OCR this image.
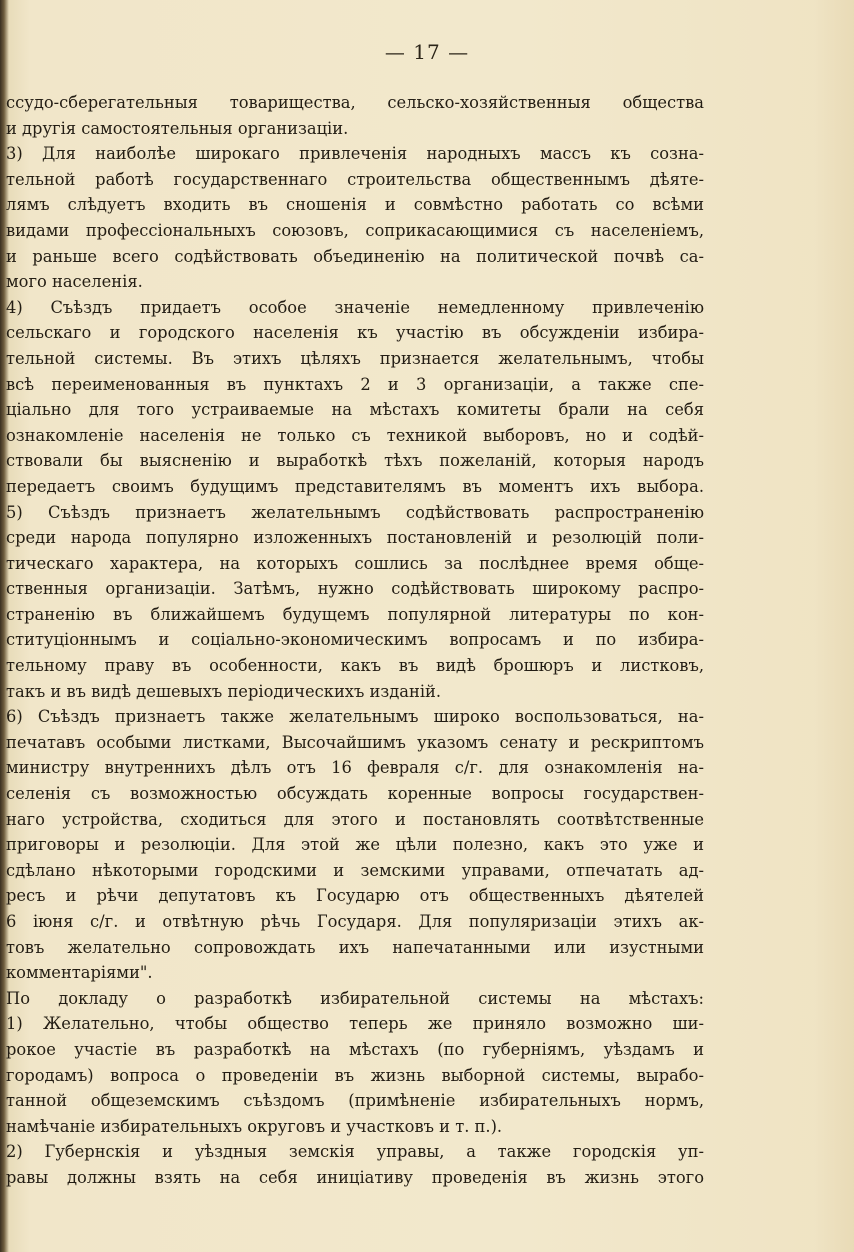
— 17 —
ссудо-сберегательныя товарищества, сельско-хозяйственныя общества
и другія самостоятельныя организаціи.
3) Для наиболѣе широкаго привлеченія народныхъ массъ къ созна-
тельной работѣ государственнаго строительства общественнымъ дѣяте-
лямъ слѣдуетъ входить въ сношенія и совмѣстно работать со всѣми
видами профессіональныхъ союзовъ, соприкасающимися съ населеніемъ,
и раньше всего содѣйствовать объединенію на политической почвѣ са-
мого населенія.
4) Съѣздъ придаетъ особое значеніе немедленному привлеченію
сельскаго и городского населенія къ участію въ обсужденіи избира-
тельной системы. Въ этихъ цѣляхъ признается желательнымъ, чтобы
всѣ переименованныя въ пунктахъ 2 и 3 организаціи, а также спе-
ціально для того устраиваемые на мѣстахъ комитеты брали на себя
ознакомленіе населенія не только съ техникой выборовъ, но и содѣй-
ствовали бы выясненію и выработкѣ тѣхъ пожеланій, которыя народъ
передаетъ своимъ будущимъ представителямъ въ моментъ ихъ выбора.
5) Съѣздъ признаетъ желательнымъ содѣйствовать распространенію
среди народа популярно изложенныхъ постановленій и резолюцій поли-
тическаго характера, на которыхъ сошлись за послѣднее время обще-
ственныя организаціи. Затѣмъ, нужно содѣйствовать широкому распро-
страненію въ ближайшемъ будущемъ популярной литературы по кон-
ституціоннымъ и соціально-экономическимъ вопросамъ и по избира-
тельному праву въ особенности, какъ въ видѣ брошюръ и листковъ,
такъ и въ видѣ дешевыхъ періодическихъ изданій.
6) Съѣздъ признаетъ также желательнымъ широко воспользоваться, на-
печатавъ особыми листками, Высочайшимъ указомъ сенату и рескриптомъ
министру внутреннихъ дѣлъ отъ 16 февраля с/г. для ознакомленія на-
селенія съ возможностью обсуждать коренные вопросы государствен-
наго устройства, сходиться для этого и постановлять соотвѣтственные
приговоры и резолюціи. Для этой же цѣли полезно, какъ это уже и
сдѣлано нѣкоторыми городскими и земскими управами, отпечатать ад-
ресъ и рѣчи депутатовъ къ Государю отъ общественныхъ дѣятелей
6 іюня с/г. и отвѣтную рѣчь Государя. Для популяризаціи этихъ ак-
товъ желательно сопровождать ихъ напечатанными или изустными
комментаріями".
По докладу о разработкѣ избирательной системы на мѣстахъ:
1) Желательно, чтобы общество теперь же приняло возможно ши-
рокое участіе въ разработкѣ на мѣстахъ (по губерніямъ, уѣздамъ и
городамъ) вопроса о проведеніи въ жизнь выборной системы, вырабо-
танной общеземскимъ съѣздомъ (примѣненіе избирательныхъ нормъ,
намѣчаніе избирательныхъ округовъ и участковъ и т. п.).
2) Губернскія и уѣздныя земскія управы, а также городскія уп-
равы должны взять на себя иниціативу проведенія въ жизнь этого
